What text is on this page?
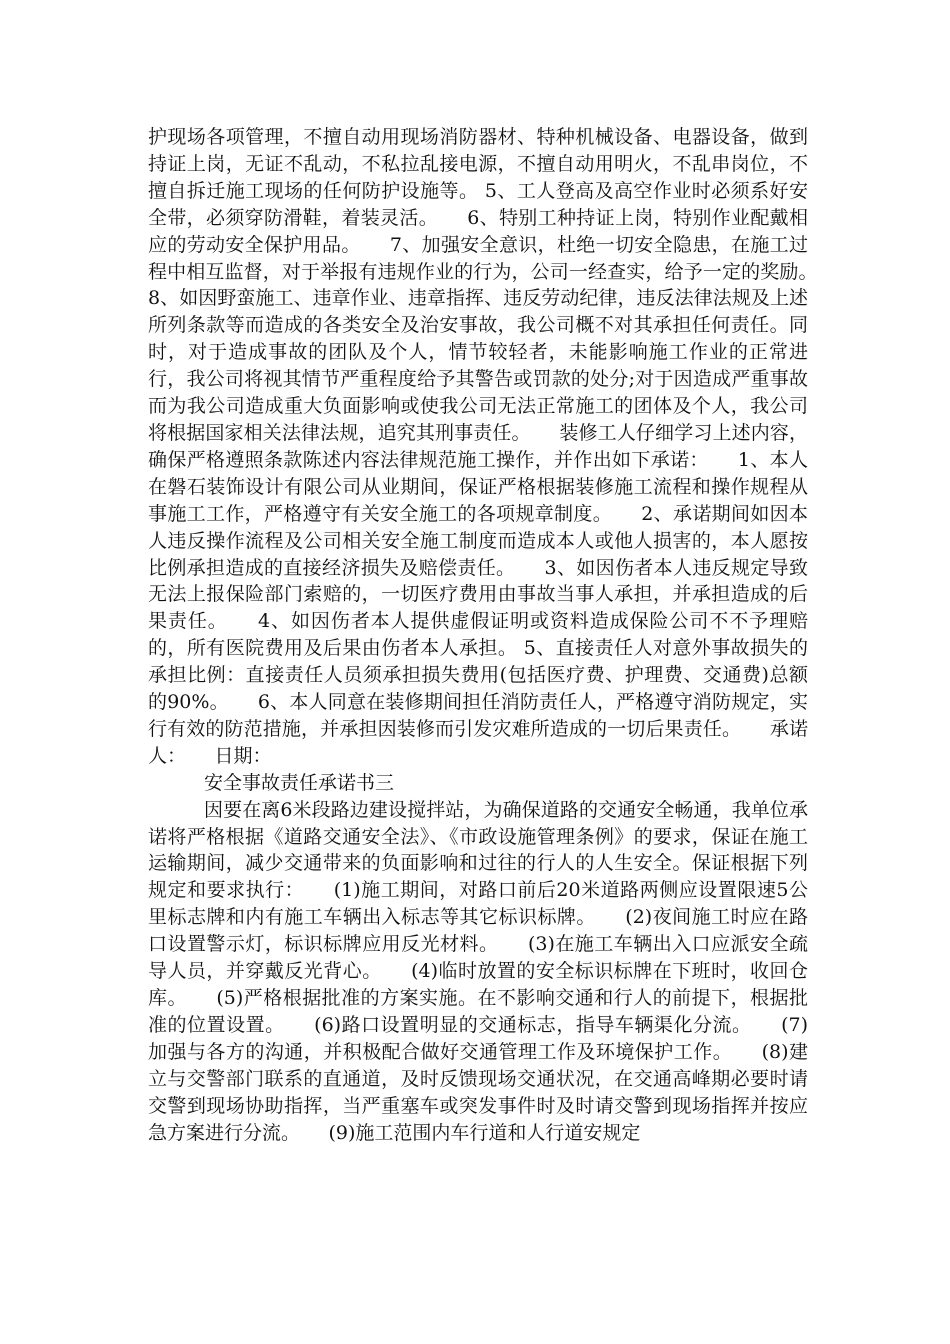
护现场各项管理，不擅自动用现场消防器材、特种机械设备、电器设备，做到持证上岗，无证不乱动，不私拉乱接电源，不擅自动用明火，不乱串岗位，不擅自拆迁施工现场的任何防护设施等。 5、工人登高及高空作业时必须系好安全带，必须穿防滑鞋，着装灵活。　　6、特别工种持证上岗，特别作业配戴相应的劳动安全保护用品。　　7、加强安全意识，杜绝一切安全隐患，在施工过程中相互监督，对于举报有违规作业的行为，公司一经查实，给予一定的奖励。　　8、如因野蛮施工、违章作业、违章指挥、违反劳动纪律，违反法律法规及上述所列条款等而造成的各类安全及治安事故，我公司概不对其承担任何责任。同时，对于造成事故的团队及个人，情节较轻者，未能影响施工作业的正常进行，我公司将视其情节严重程度给予其警告或罚款的处分;对于因造成严重事故而为我公司造成重大负面影响或使我公司无法正常施工的团体及个人，我公司将根据国家相关法律法规，追究其刑事责任。　　装修工人仔细学习上述内容，确保严格遵照条款陈述内容法律规范施工操作，并作出如下承诺：　　1、本人在磐石装饰设计有限公司从业期间，保证严格根据装修施工流程和操作规程从事施工工作，严格遵守有关安全施工的各项规章制度。　　2、承诺期间如因本人违反操作流程及公司相关安全施工制度而造成本人或他人损害的，本人愿按比例承担造成的直接经济损失及赔偿责任。　　3、如因伤者本人违反规定导致无法上报保险部门索赔的，一切医疗费用由事故当事人承担，并承担造成的后果责任。　　4、如因伤者本人提供虚假证明或资料造成保险公司不不予理赔的，所有医院费用及后果由伤者本人承担。 5、直接责任人对意外事故损失的承担比例：直接责任人员须承担损失费用(包括医疗费、护理费、交通费)总额的90%。　　6、本人同意在装修期间担任消防责任人，严格遵守消防规定，实行有效的防范措施，并承担因装修而引发灾难所造成的一切后果责任。　　承诺人：　　日期：

安全事故责任承诺书三

因要在离6米段路边建设搅拌站，为确保道路的交通安全畅通，我单位承诺将严格根据《道路交通安全法》、《市政设施管理条例》的要求，保证在施工运输期间，减少交通带来的负面影响和过往的行人的人生安全。保证根据下列规定和要求执行：　　(1)施工期间，对路口前后20米道路两侧应设置限速5公里标志牌和内有施工车辆出入标志等其它标识标牌。　　(2)夜间施工时应在路口设置警示灯，标识标牌应用反光材料。　　(3)在施工车辆出入口应派安全疏导人员，并穿戴反光背心。　　(4)临时放置的安全标识标牌在下班时，收回仓库。　　(5)严格根据批准的方案实施。在不影响交通和行人的前提下，根据批准的位置设置。　　(6)路口设置明显的交通标志，指导车辆渠化分流。　　(7)加强与各方的沟通，并积极配合做好交通管理工作及环境保护工作。　　(8)建立与交警部门联系的直通道，及时反馈现场交通状况，在交通高峰期必要时请交警到现场协助指挥，当严重塞车或突发事件时及时请交警到现场指挥并按应急方案进行分流。　　(9)施工范围内车行道和人行道安规定
